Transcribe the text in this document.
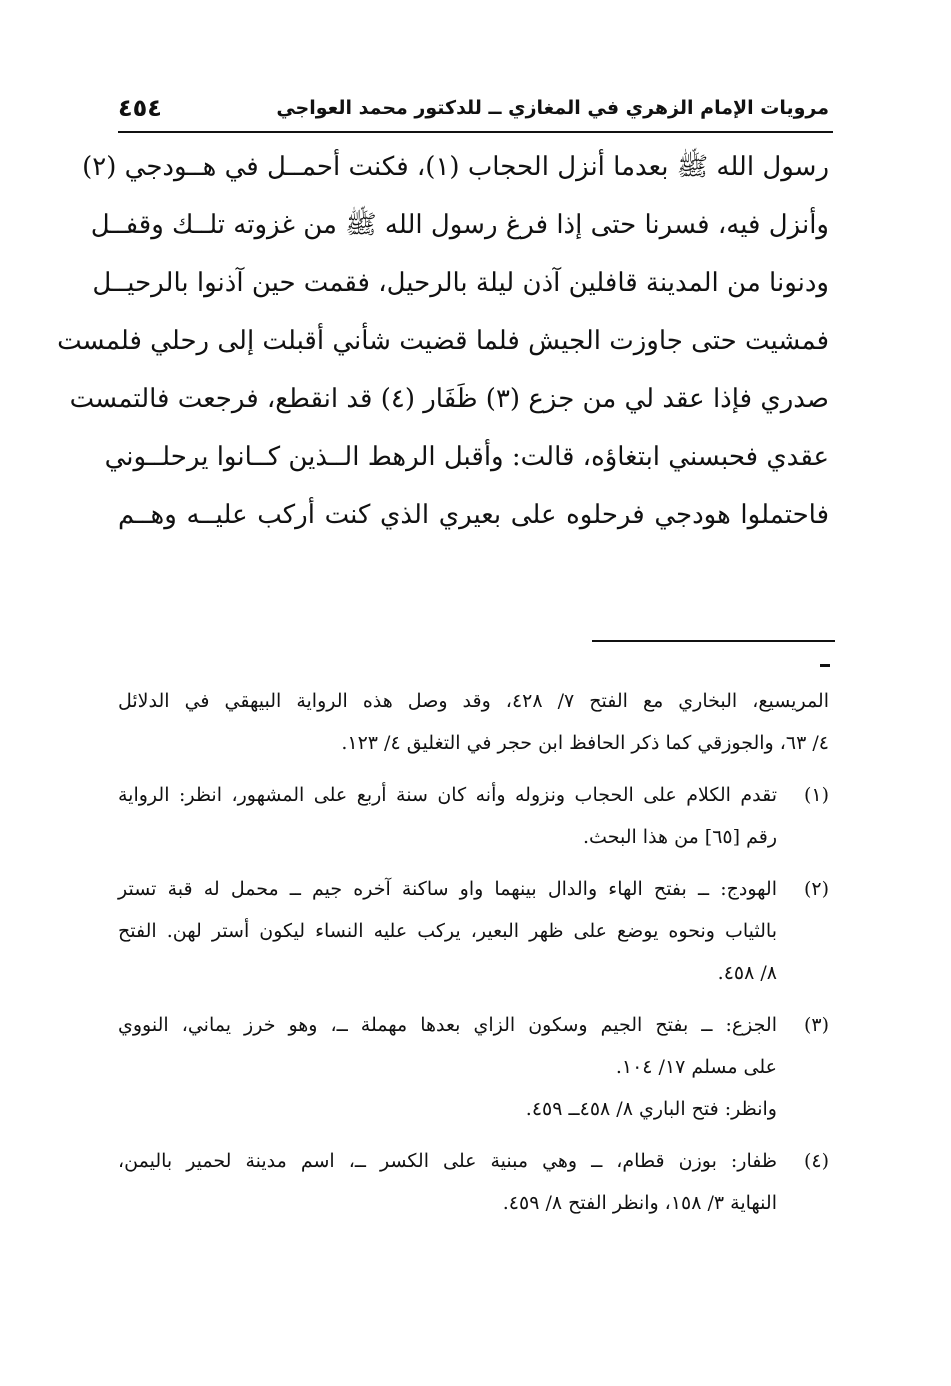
مرويات الإمام الزهري في المغازي ــ للدكتور محمد العواجي
٤٥٤
رسول الله ﷺ بعدما أنزل الحجاب (١)، فكنت أحمــل في هــودجي (٢)
وأنزل فيه، فسرنا حتى إذا فرغ رسول الله ﷺ من غزوته تلــك وقفــل
ودنونا من المدينة قافلين آذن ليلة بالرحيل، فقمت حين آذنوا بالرحيــل
فمشيت حتى جاوزت الجيش فلما قضيت شأني أقبلت إلى رحلي فلمست
صدري فإذا عقد لي من جزع (٣) ظَفَار (٤) قد انقطع، فرجعت فالتمست
عقدي فحبسني ابتغاؤه، قالت: وأقبل الرهط الــذين كــانوا يرحلــوني
فاحتملوا هودجي فرحلوه على بعيري الذي كنت أركب عليــه وهــم
المريسيع، البخاري مع الفتح ٧/ ٤٢٨، وقد وصل هذه الرواية البيهقي في الدلائل
٤/ ٦٣، والجوزقي كما ذكر الحافظ ابن حجر في التغليق ٤/ ١٢٣.
(١)
تقدم الكلام على الحجاب ونزوله وأنه كان سنة أربع على المشهور، انظر: الرواية
رقم [٦٥] من هذا البحث.
(٢)
الهودج: ــ بفتح الهاء والدال بينهما واو ساكنة آخره جيم ــ محمل له قبة تستر
بالثياب ونحوه يوضع على ظهر البعير، يركب عليه النساء ليكون أستر لهن. الفتح
٨/ ٤٥٨.
(٣)
الجزع: ــ بفتح الجيم وسكون الزاي بعدها مهملة ــ، وهو خرز يماني، النووي
على مسلم ١٧/ ١٠٤.
وانظر: فتح الباري ٨/ ٤٥٨ــ ٤٥٩.
(٤)
ظفار: بوزن قطام، ــ وهي مبنية على الكسر ــ، اسم مدينة لحمير باليمن،
النهاية ٣/ ١٥٨، وانظر الفتح ٨/ ٤٥٩.
